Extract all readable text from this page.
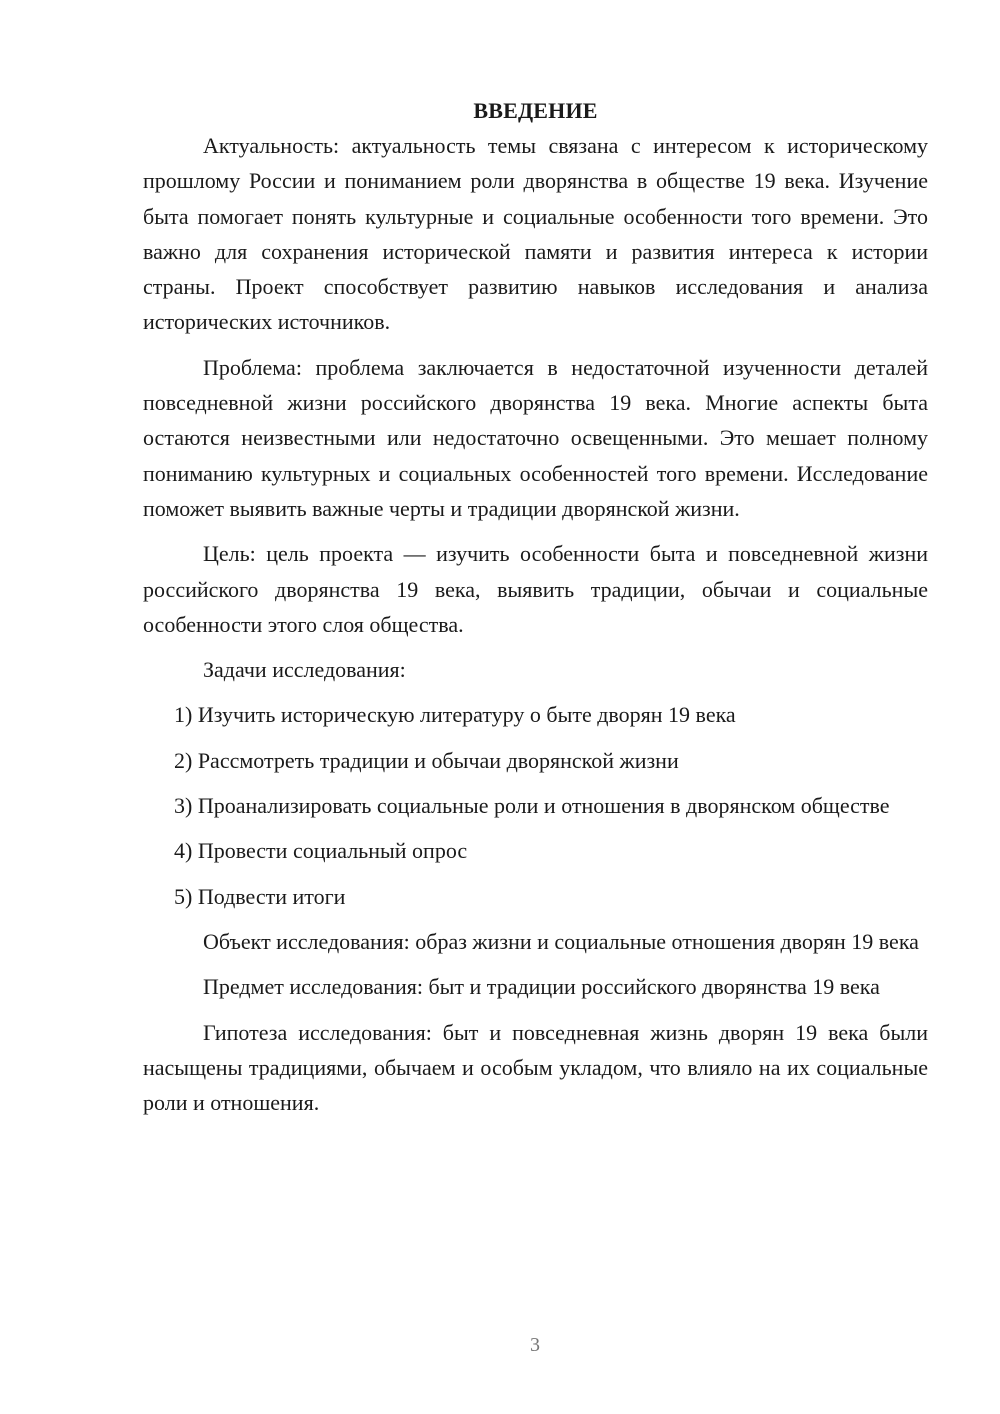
ВВЕДЕНИЕ

Актуальность: актуальность темы связана с интересом к историческому прошлому России и пониманием роли дворянства в обществе 19 века. Изучение быта помогает понять культурные и социальные особенности того времени. Это важно для сохранения исторической памяти и развития интереса к истории страны. Проект способствует развитию навыков исследования и анализа исторических источников.

Проблема: проблема заключается в недостаточной изученности деталей повседневной жизни российского дворянства 19 века. Многие аспекты быта остаются неизвестными или недостаточно освещенными. Это мешает полному пониманию культурных и социальных особенностей того времени. Исследование поможет выявить важные черты и традиции дворянской жизни.

Цель: цель проекта — изучить особенности быта и повседневной жизни российского дворянства 19 века, выявить традиции, обычаи и социальные особенности этого слоя общества.

Задачи исследования:

1) Изучить историческую литературу о быте дворян 19 века

2) Рассмотреть традиции и обычаи дворянской жизни

3) Проанализировать социальные роли и отношения в дворянском обществе

4) Провести социальный опрос

5) Подвести итоги

Объект исследования: образ жизни и социальные отношения дворян 19 века

Предмет исследования: быт и традиции российского дворянства 19 века

Гипотеза исследования: быт и повседневная жизнь дворян 19 века были насыщены традициями, обычаем и особым укладом, что влияло на их социальные роли и отношения.

3
